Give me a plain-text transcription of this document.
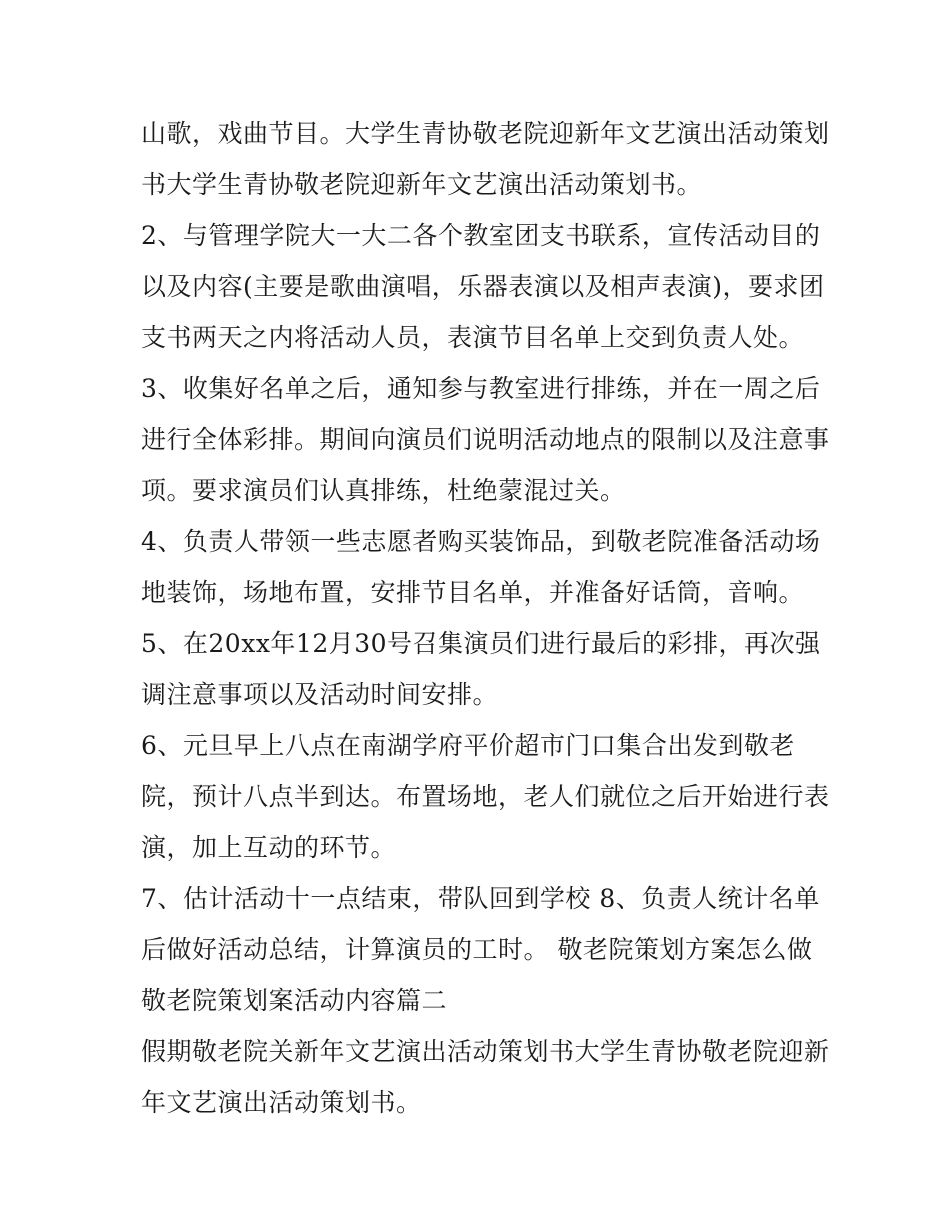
山歌，戏曲节目。大学生青协敬老院迎新年文艺演出活动策划
书大学生青协敬老院迎新年文艺演出活动策划书。
2、与管理学院大一大二各个教室团支书联系，宣传活动目的
以及内容(主要是歌曲演唱，乐器表演以及相声表演)，要求团
支书两天之内将活动人员，表演节目名单上交到负责人处。
3、收集好名单之后，通知参与教室进行排练，并在一周之后
进行全体彩排。期间向演员们说明活动地点的限制以及注意事
项。要求演员们认真排练，杜绝蒙混过关。
4、负责人带领一些志愿者购买装饰品，到敬老院准备活动场
地装饰，场地布置，安排节目名单，并准备好话筒，音响。
5、在20xx年12月30号召集演员们进行最后的彩排，再次强
调注意事项以及活动时间安排。
6、元旦早上八点在南湖学府平价超市门口集合出发到敬老
院，预计八点半到达。布置场地，老人们就位之后开始进行表
演，加上互动的环节。
7、估计活动十一点结束，带队回到学校 8、负责人统计名单
后做好活动总结，计算演员的工时。 敬老院策划方案怎么做
敬老院策划案活动内容篇二
假期敬老院关新年文艺演出活动策划书大学生青协敬老院迎新
年文艺演出活动策划书。
